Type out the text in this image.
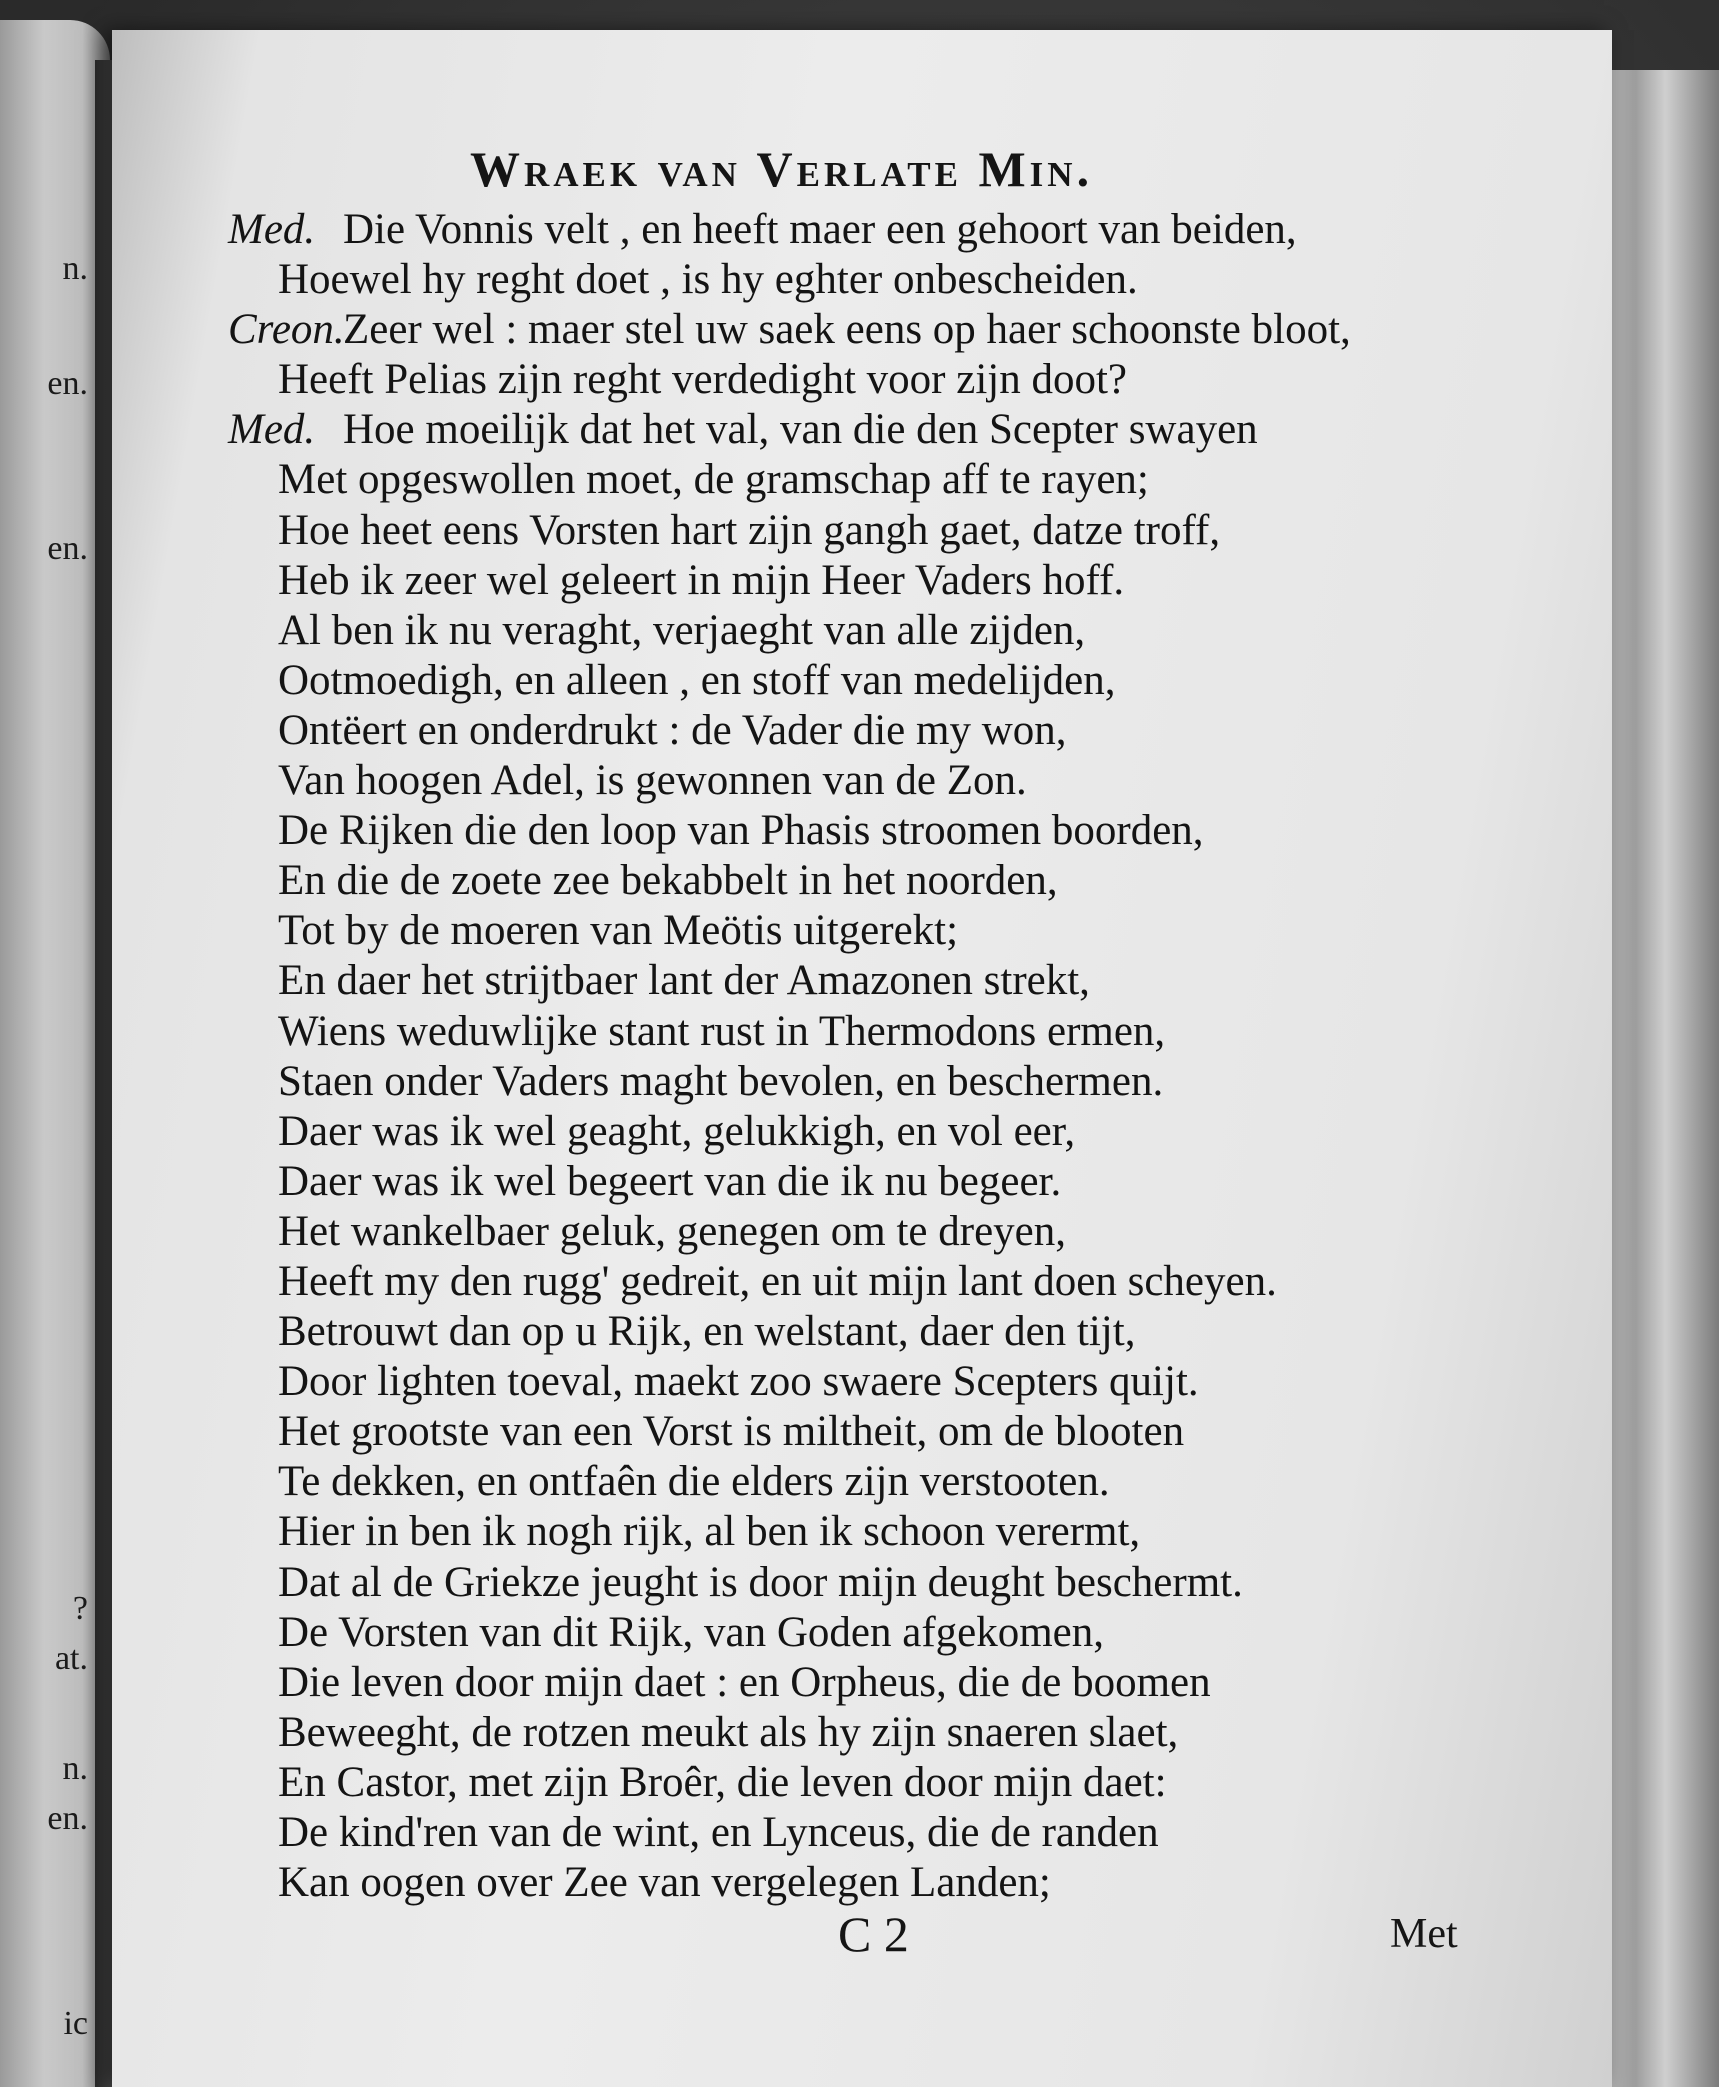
n.
en.
en.
?
at.
n.
en.
ic
Wraek van Verlate Min.
Med. Die Vonnis velt , en heeft maer een gehoort van beiden,
Hoewel hy reght doet , is hy eghter onbescheiden.
Creon.
Zeer wel : maer stel uw saek eens op haer schoonste bloot,
Heeft Pelias zijn reght verdedight voor zijn doot?
Med. Hoe moeilijk dat het val, van die den Scepter swayen
Met opgeswollen moet, de gramschap aff te rayen;
Hoe heet eens Vorsten hart zijn gangh gaet, datze troff,
Heb ik zeer wel geleert in mijn Heer Vaders hoff.
Al ben ik nu veraght, verjaeght van alle zijden,
Ootmoedigh, en alleen , en stoff van medelijden,
Ontëert en onderdrukt : de Vader die my won,
Van hoogen Adel, is gewonnen van de Zon.
De Rijken die den loop van Phasis stroomen boorden,
En die de zoete zee bekabbelt in het noorden,
Tot by de moeren van Meötis uitgerekt;
En daer het strijtbaer lant der Amazonen strekt,
Wiens weduwlijke stant rust in Thermodons ermen,
Staen onder Vaders maght bevolen, en beschermen.
Daer was ik wel geaght, gelukkigh, en vol eer,
Daer was ik wel begeert van die ik nu begeer.
Het wankelbaer geluk, genegen om te dreyen,
Heeft my den rugg' gedreit, en uit mijn lant doen scheyen.
Betrouwt dan op u Rijk, en welstant, daer den tijt,
Door lighten toeval, maekt zoo swaere Scepters quijt.
Het grootste van een Vorst is miltheit, om de blooten
Te dekken, en ontfaên die elders zijn verstooten.
Hier in ben ik nogh rijk, al ben ik schoon verermt,
Dat al de Griekze jeught is door mijn deught beschermt.
De Vorsten van dit Rijk, van Goden afgekomen,
Die leven door mijn daet : en Orpheus, die de boomen
Beweeght, de rotzen meukt als hy zijn snaeren slaet,
En Castor, met zijn Broêr, die leven door mijn daet:
De kind'ren van de wint, en Lynceus, die de randen
Kan oogen over Zee van vergelegen Landen;
C 2	Met
